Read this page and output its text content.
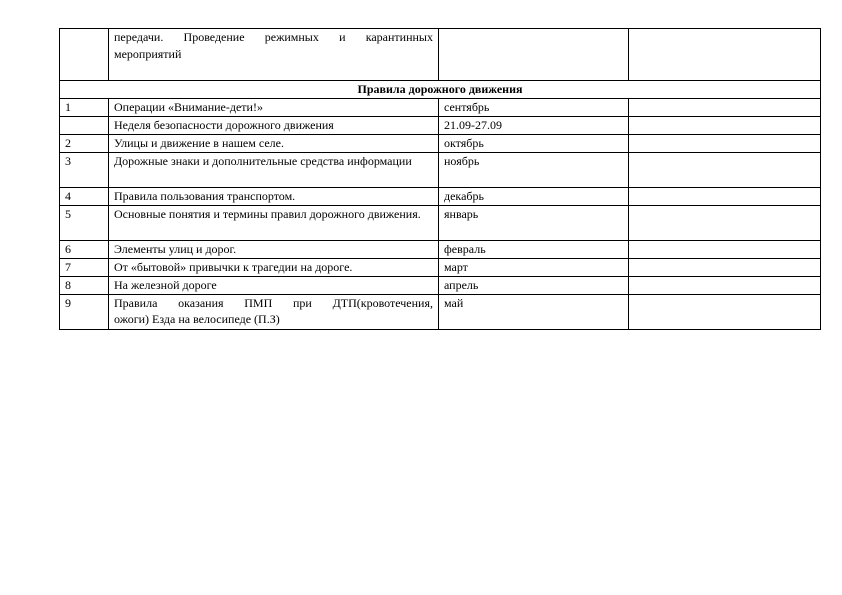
	передачи. Проведение режимных и карантинных
мероприятий		

Правила дорожного движения			
1	Операции «Внимание-дети!»	сентябрь	
	Неделя безопасности дорожного движения	21.09-27.09	
2	Улицы и движение в нашем селе.	октябрь	
3	Дорожные знаки и дополнительные средства информации	ноябрь	
4	Правила пользования транспортом.	декабрь	
5	Основные понятия и термины правил дорожного движения.	январь	
6	Элементы улиц и дорог.	февраль	
7	От «бытовой» привычки к трагедии на дороге.	март	
8	На железной дороге	апрель	
9	Правила оказания ПМП при ДТП(кровотечения,
ожоги) Езда на велосипеде (П.З)	май	
